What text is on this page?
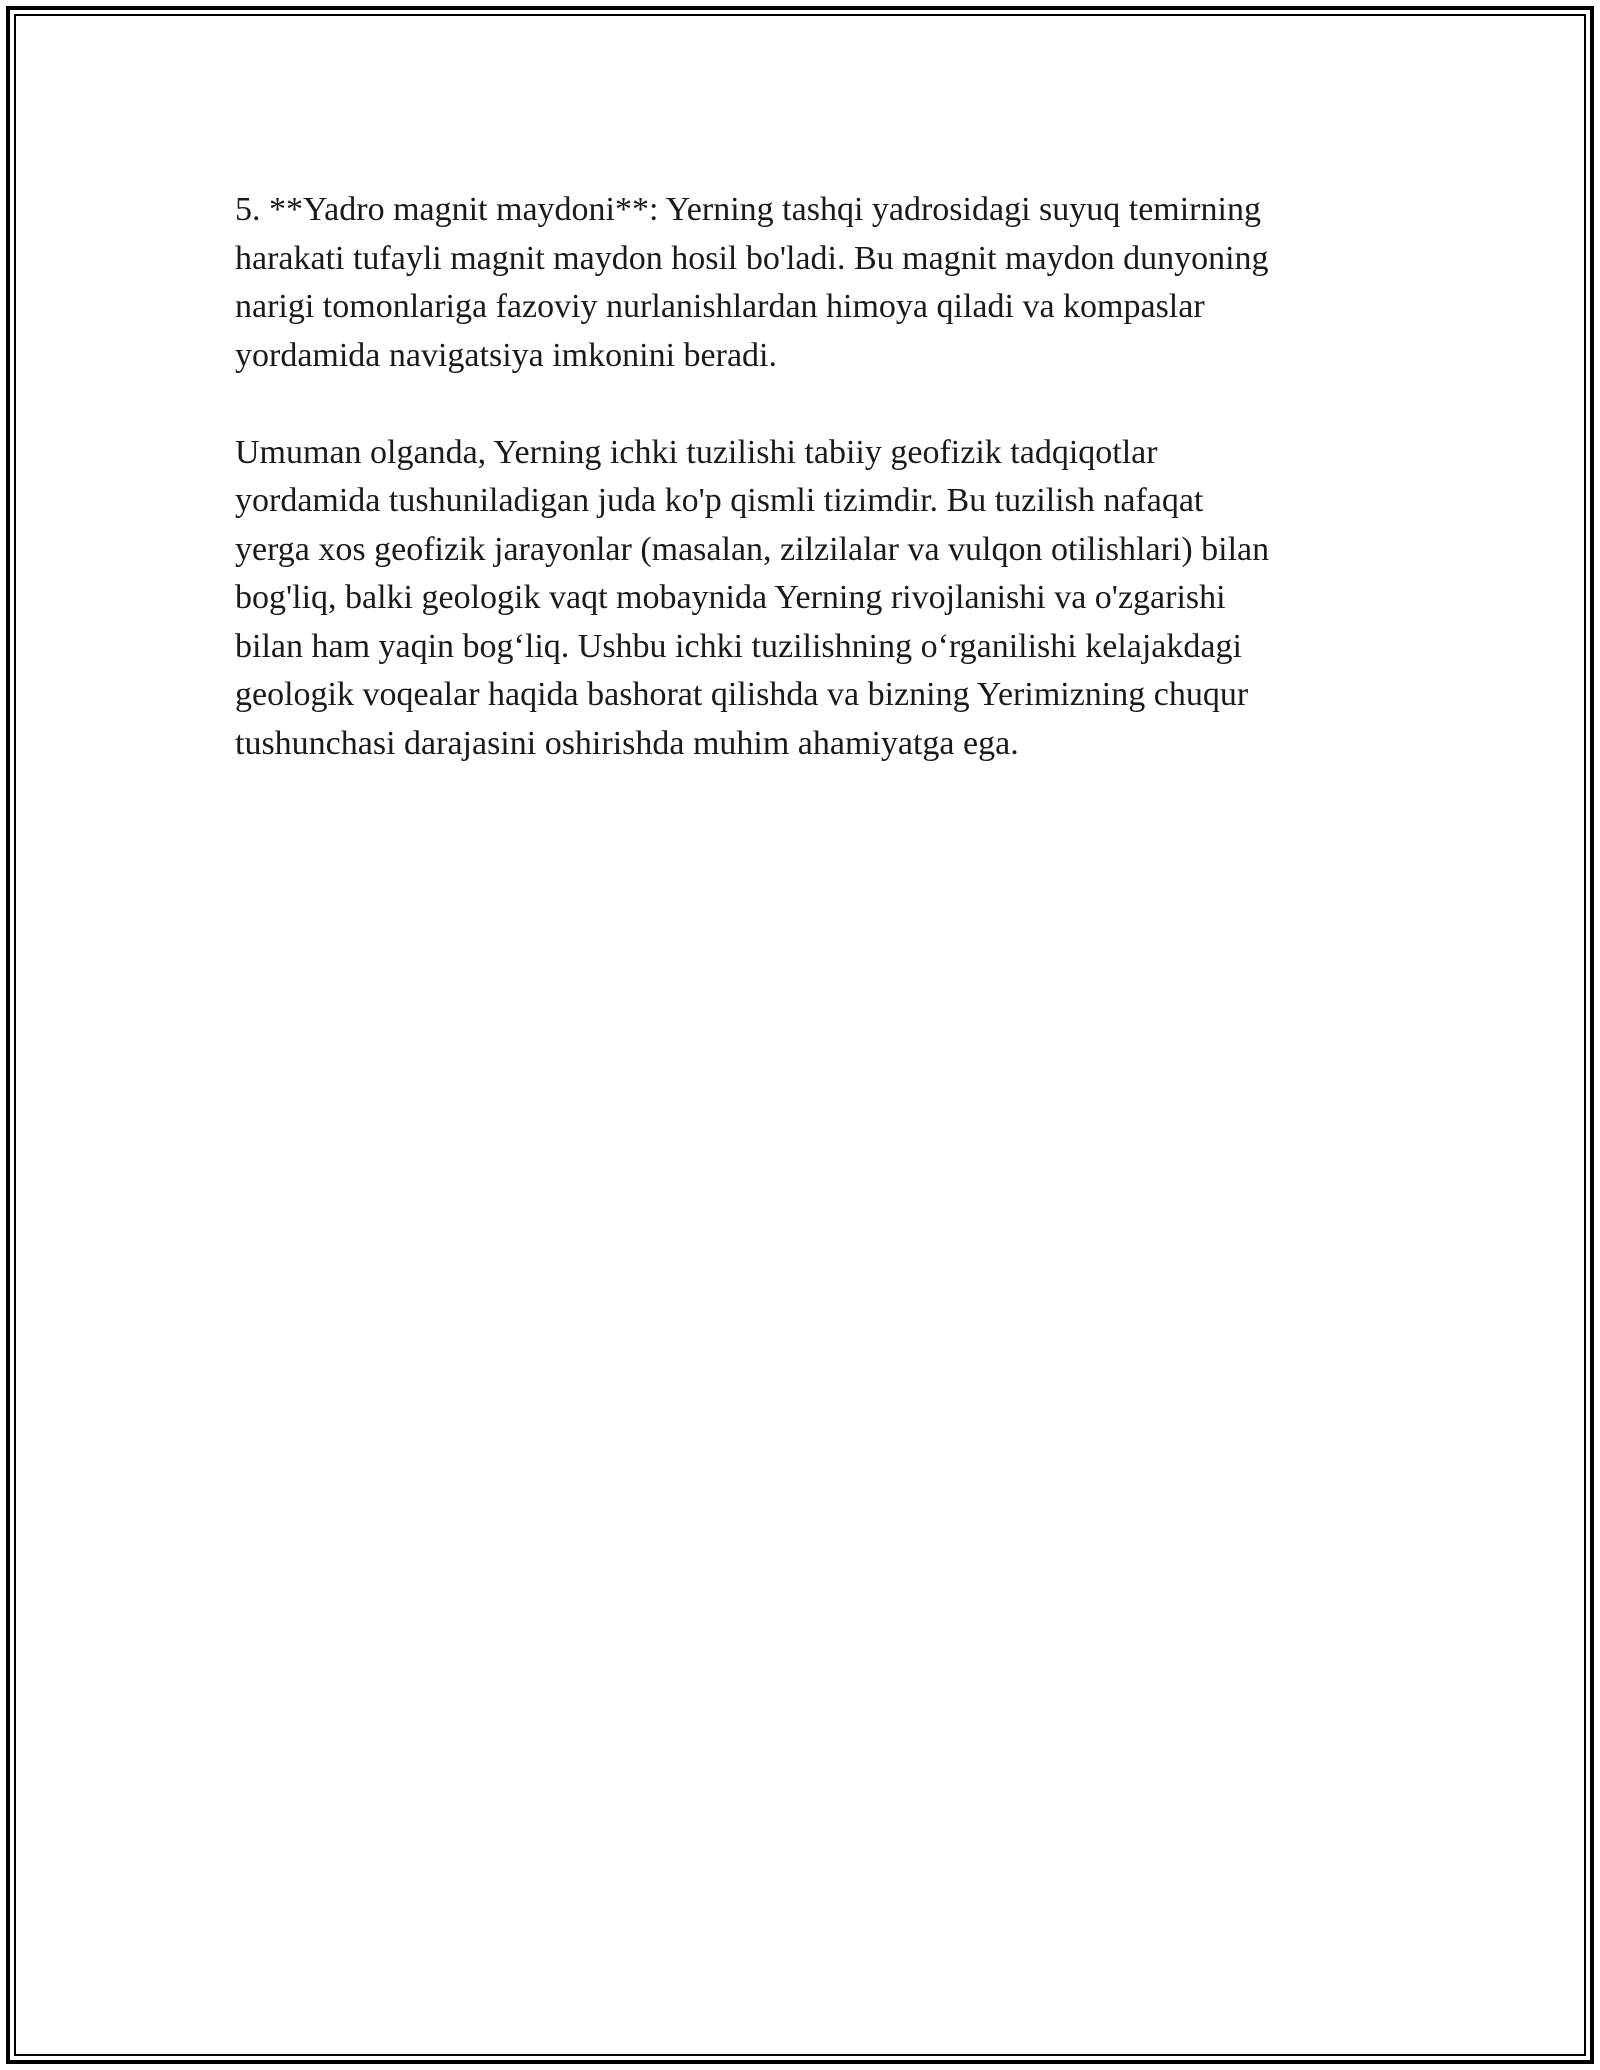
5. **Yadro magnit maydoni**: Yerning tashqi yadrosidagi suyuq temirning
harakati tufayli magnit maydon hosil bo'ladi. Bu magnit maydon dunyoning
narigi tomonlariga fazoviy nurlanishlardan himoya qiladi va kompaslar
yordamida navigatsiya imkonini beradi.

Umuman olganda, Yerning ichki tuzilishi tabiiy geofizik tadqiqotlar
yordamida tushuniladigan juda ko'p qismli tizimdir. Bu tuzilish nafaqat
yerga xos geofizik jarayonlar (masalan, zilzilalar va vulqon otilishlari) bilan
bog'liq, balki geologik vaqt mobaynida Yerning rivojlanishi va o'zgarishi
bilan ham yaqin bog‘liq. Ushbu ichki tuzilishning o‘rganilishi kelajakdagi
geologik voqealar haqida bashorat qilishda va bizning Yerimizning chuqur
tushunchasi darajasini oshirishda muhim ahamiyatga ega.
